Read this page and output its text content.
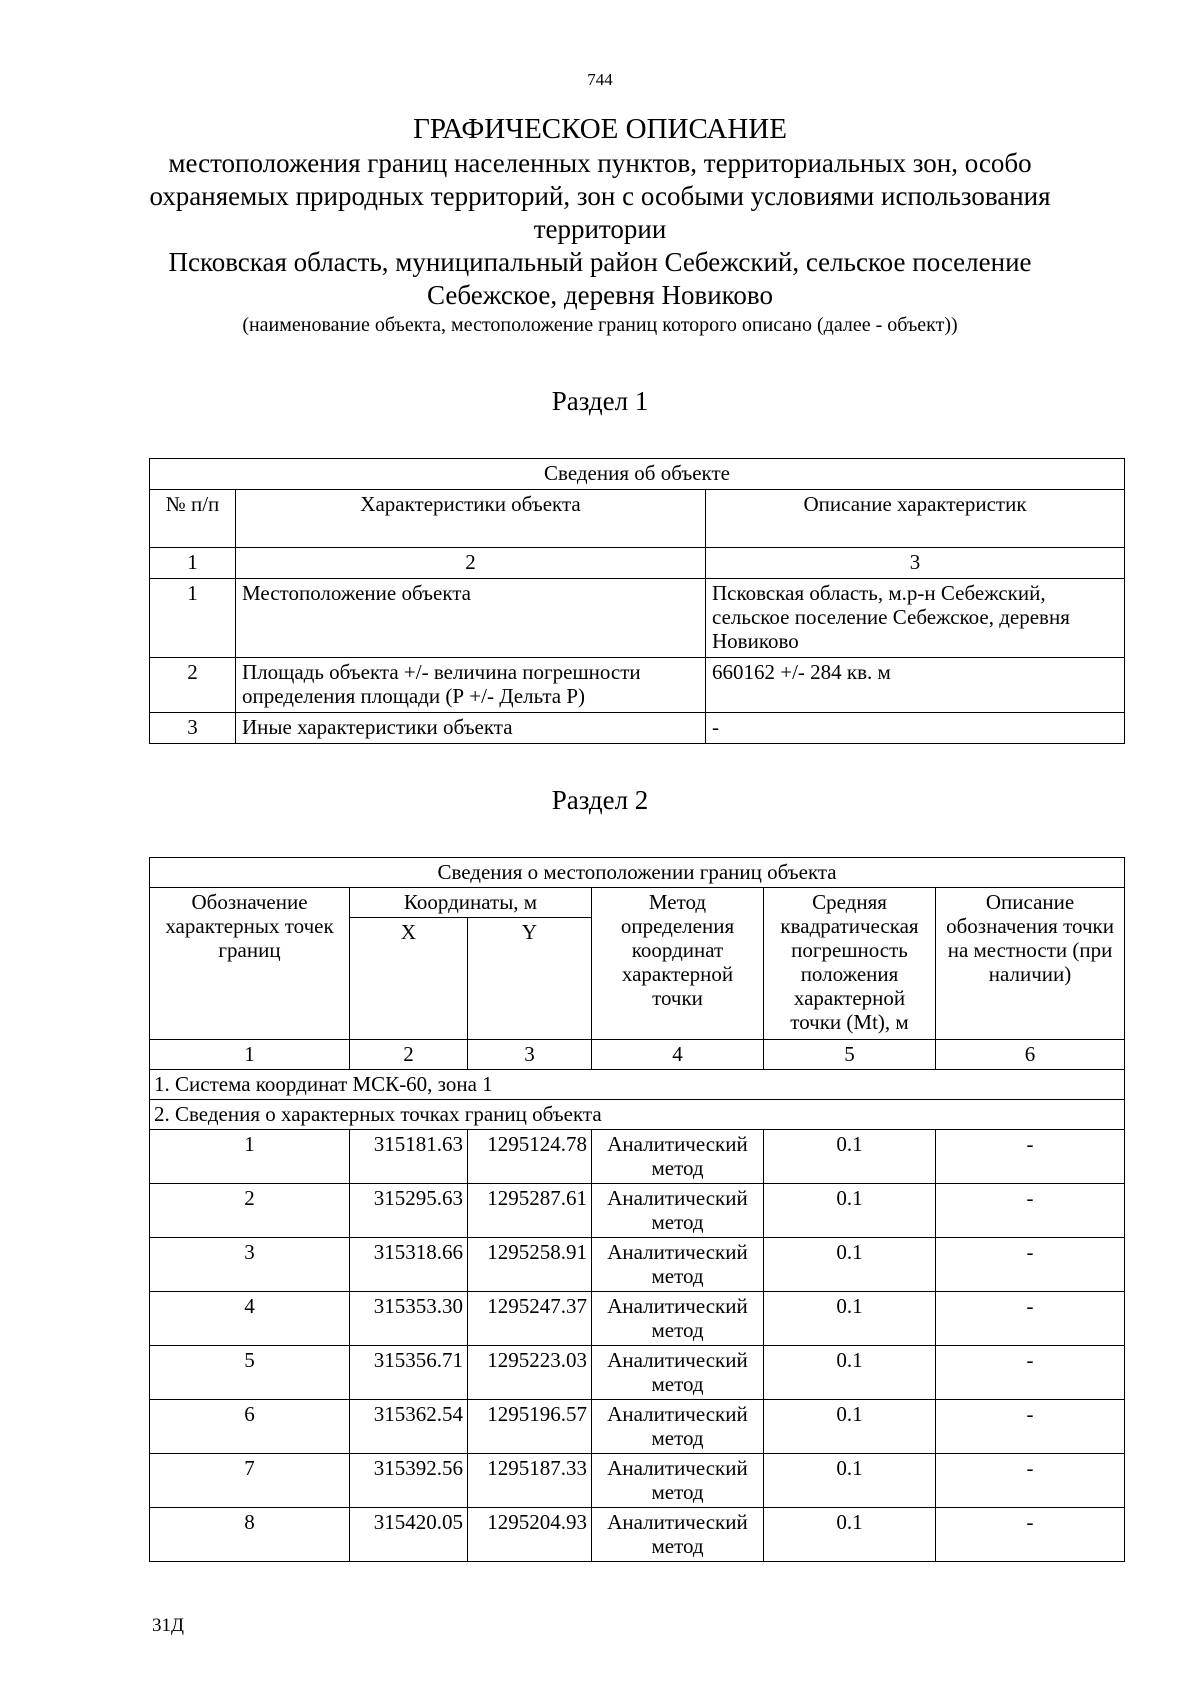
744
ГРАФИЧЕСКОЕ ОПИСАНИЕ
местоположения границ населенных пунктов, территориальных зон, особо охраняемых природных территорий, зон с особыми условиями использования территории
Псковская область, муниципальный район Себежский, сельское поселение Себежское, деревня Новиково
(наименование объекта, местоположение границ которого описано (далее - объект))
Раздел 1
Сведения об объекте		
№ п/п	Характеристики объекта	Описание характеристик
1	2	3
1	Местоположение объекта	Псковская область, м.р-н Себежский, сельское поселение Себежское, деревня Новиково
2	Площадь объекта +/- величина погрешности определения площади (Р +/- Дельта Р)	660162 +/- 284 кв. м
3	Иные характеристики объекта	-
Раздел 2
Сведения о местоположении границ объекта					
Обозначение характерных точек границ	Координаты, м		Метод определения координат характерной точки	Средняя квадратическая погрешность положения характерной точки (Mt), м	Описание обозначения точки на местности (при наличии)
	X	Y			
1	2	3	4	5	6
1. Система координат МСК-60, зона 1					
2. Сведения о характерных точках границ объекта					
1	315181.63	1295124.78	Аналитический метод	0.1	-
2	315295.63	1295287.61	Аналитический метод	0.1	-
3	315318.66	1295258.91	Аналитический метод	0.1	-
4	315353.30	1295247.37	Аналитический метод	0.1	-
5	315356.71	1295223.03	Аналитический метод	0.1	-
6	315362.54	1295196.57	Аналитический метод	0.1	-
7	315392.56	1295187.33	Аналитический метод	0.1	-
8	315420.05	1295204.93	Аналитический метод	0.1	-
31Д
